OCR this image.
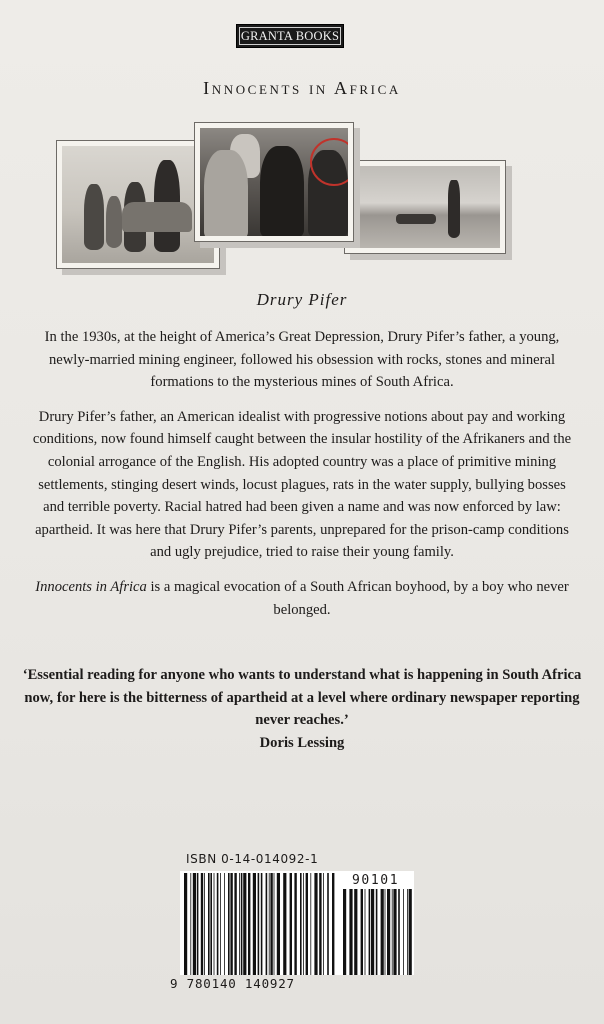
GRANTA BOOKS
Innocents in Africa
Drury Pifer

In the 1930s, at the height of America’s Great Depression, Drury Pifer’s father, a young, newly-married mining engineer, followed his obsession with rocks, stones and mineral formations to the mysterious mines of South Africa.

Drury Pifer’s father, an American idealist with progressive notions about pay and working conditions, now found himself caught between the insular hostility of the Afrikaners and the colonial arrogance of the English. His adopted country was a place of primitive mining settlements, stinging desert winds, locust plagues, rats in the water supply, bullying bosses and terrible poverty. Racial hatred had been given a name and was now enforced by law: apartheid. It was here that Drury Pifer’s parents, unprepared for the prison-camp conditions and ugly prejudice, tried to raise their young family.

Innocents in Africa is a magical evocation of a South African boyhood, by a boy who never belonged.

‘Essential reading for anyone who wants to understand what is happening in South Africa now, for here is the bitterness of apartheid at a level where ordinary newspaper reporting never reaches.’

Doris Lessing

ISBN 0-14-014092-1
90101
9 780140 140927
